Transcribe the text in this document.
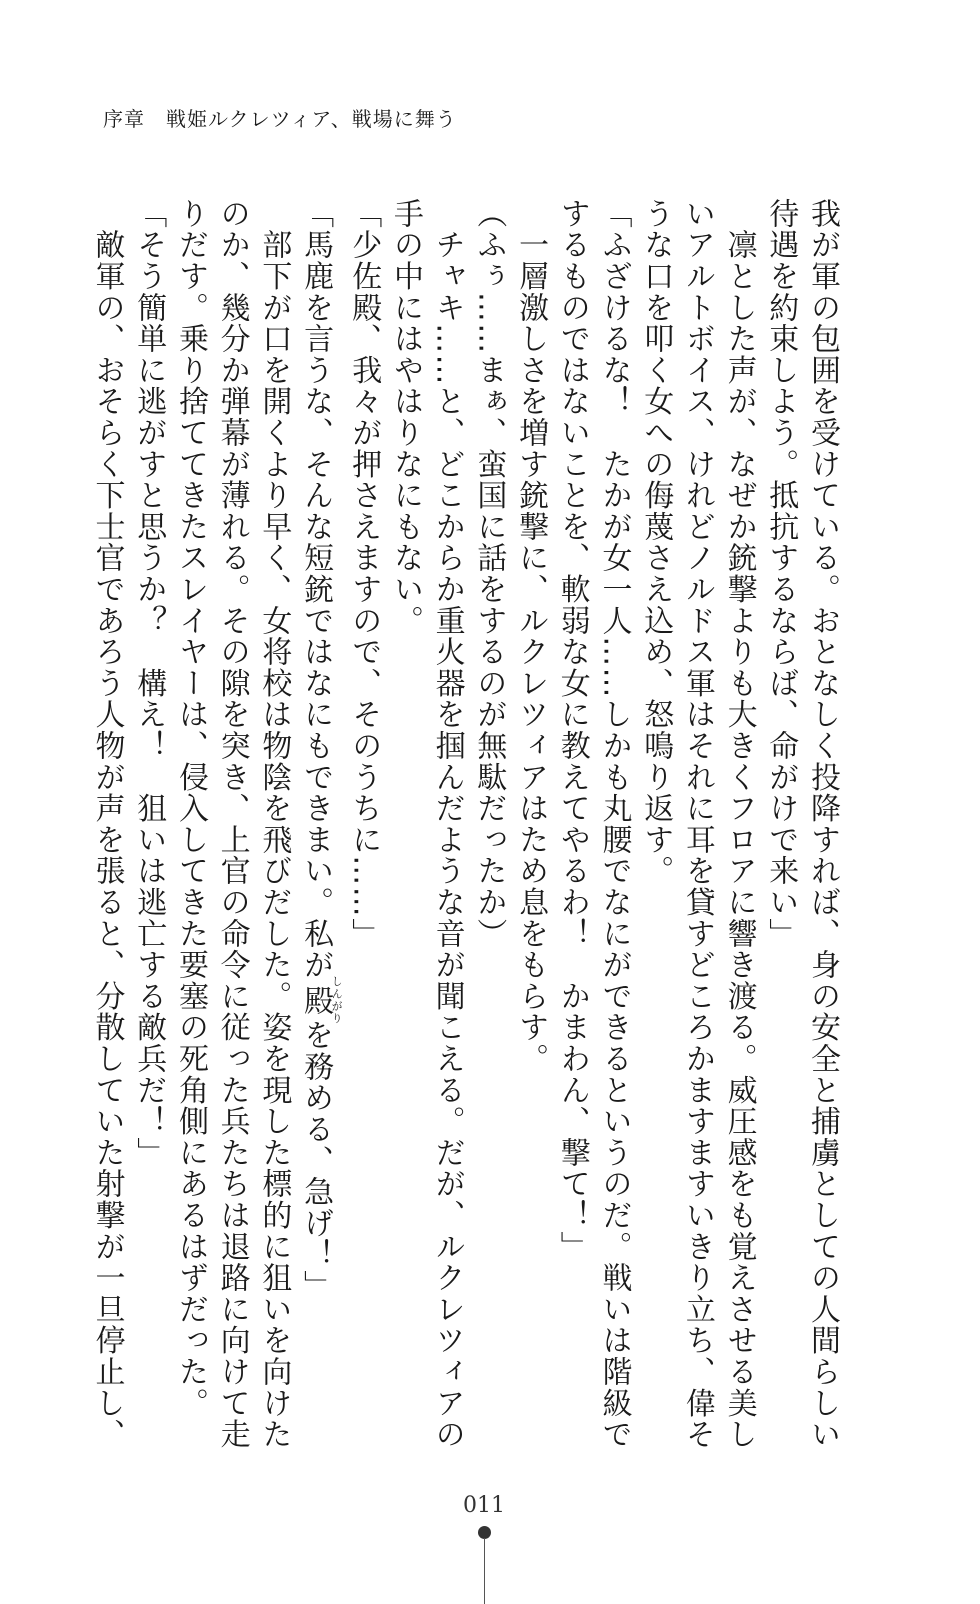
序章　戦姫ルクレツィア、戦場に舞う
我が軍の包囲を受けている。おとなしく投降すれば、身の安全と捕虜としての人間らしい
待遇を約束しよう。抵抗するならば、命がけで来い」
　凛とした声が、なぜか銃撃よりも大きくフロアに響き渡る。威圧感をも覚えさせる美し
いアルトボイス、けれどノルドス軍はそれに耳を貸すどころかますますいきり立ち、偉そ
うな口を叩く女への侮蔑さえ込め、怒鳴り返す。
「ふざけるな！　たかが女一人……しかも丸腰でなにができるというのだ。戦いは階級で
するものではないことを、軟弱な女に教えてやるわ！　かまわん、撃て！」
　一層激しさを増す銃撃に、ルクレツィアはため息をもらす。
（ふぅ……まぁ、蛮国に話をするのが無駄だったか）
　チャキ……と、どこからか重火器を掴んだような音が聞こえる。だが、ルクレツィアの
手の中にはやはりなにもない。
「少佐殿、我々が押さえますので、そのうちに……」
「馬鹿を言うな、そんな短銃ではなにもできまい。私が殿しんがりを務める、急げ！」
　部下が口を開くより早く、女将校は物陰を飛びだした。姿を現した標的に狙いを向けた
のか、幾分か弾幕が薄れる。その隙を突き、上官の命令に従った兵たちは退路に向けて走
りだす。乗り捨ててきたスレイヤーは、侵入してきた要塞の死角側にあるはずだった。
「そう簡単に逃がすと思うか？　構え！　狙いは逃亡する敵兵だ！」
　敵軍の、おそらく下士官であろう人物が声を張ると、分散していた射撃が一旦停止し、
011
